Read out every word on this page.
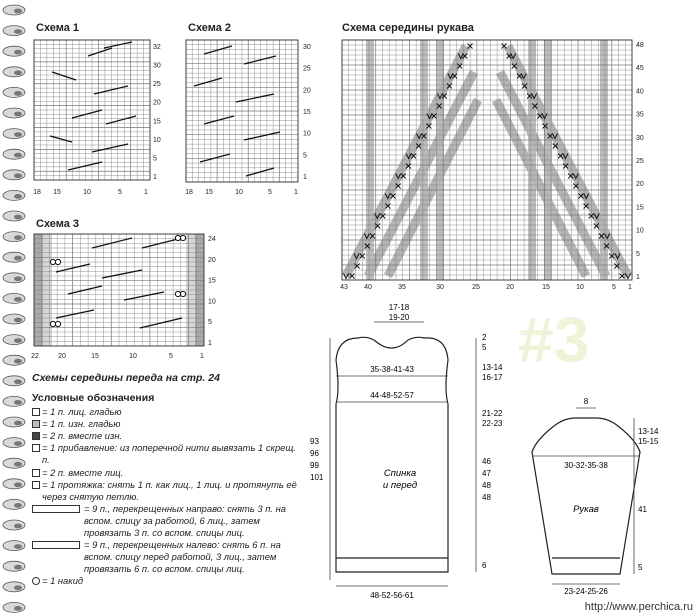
Схема 1
32
30
25
20
15
10
5
1
18 15	10	5	1
Схема 2
30
25
20
15
10
5
1
18 15	10	5	1
Схема 3
24
20
15
10
5
1
22	20	15	10	5	1
Схема середины рукава
48
45
40
35
30
25
20
15
10
5
1
43 40	35	30	25	20	15	10	5 1
#3
Схемы середины переда на стр. 24
Условные обозначения
= 1 п. лиц. гладью
= 1 п. изн. гладью
= 2 п. вместе изн.
= 1 прибавление: из поперечной нити вывязать 1 скрещ. п.
= 2 п. вместе лиц.
= 1 протяжка: снять 1 п. как лиц., 1 лиц. и протянуть её через снятую петлю.
= 9 п., перекрещенных направо: снять 3 п. на вспом. спицу за работой, 6 лиц., затем провязать 3 п. со вспом. спицы лиц.
= 9 п., перекрещенных налево: снять 6 п. на вспом. спицу перед работой, 3 лиц., затем провязать 6 п. со вспом. спицы лиц.
= 1 накид
17-18
19-20
2
5
35-38-41-43	13-14
16-17
44-48-52-57
21-22
22-23
93
96
99
101	Спинка
и перед
46
47
48
48
6
48-52-56-61
8
13-14
15-15
30-32-35-38
Рукав	41
5
23-24-25-26
http://www.perchica.ru
